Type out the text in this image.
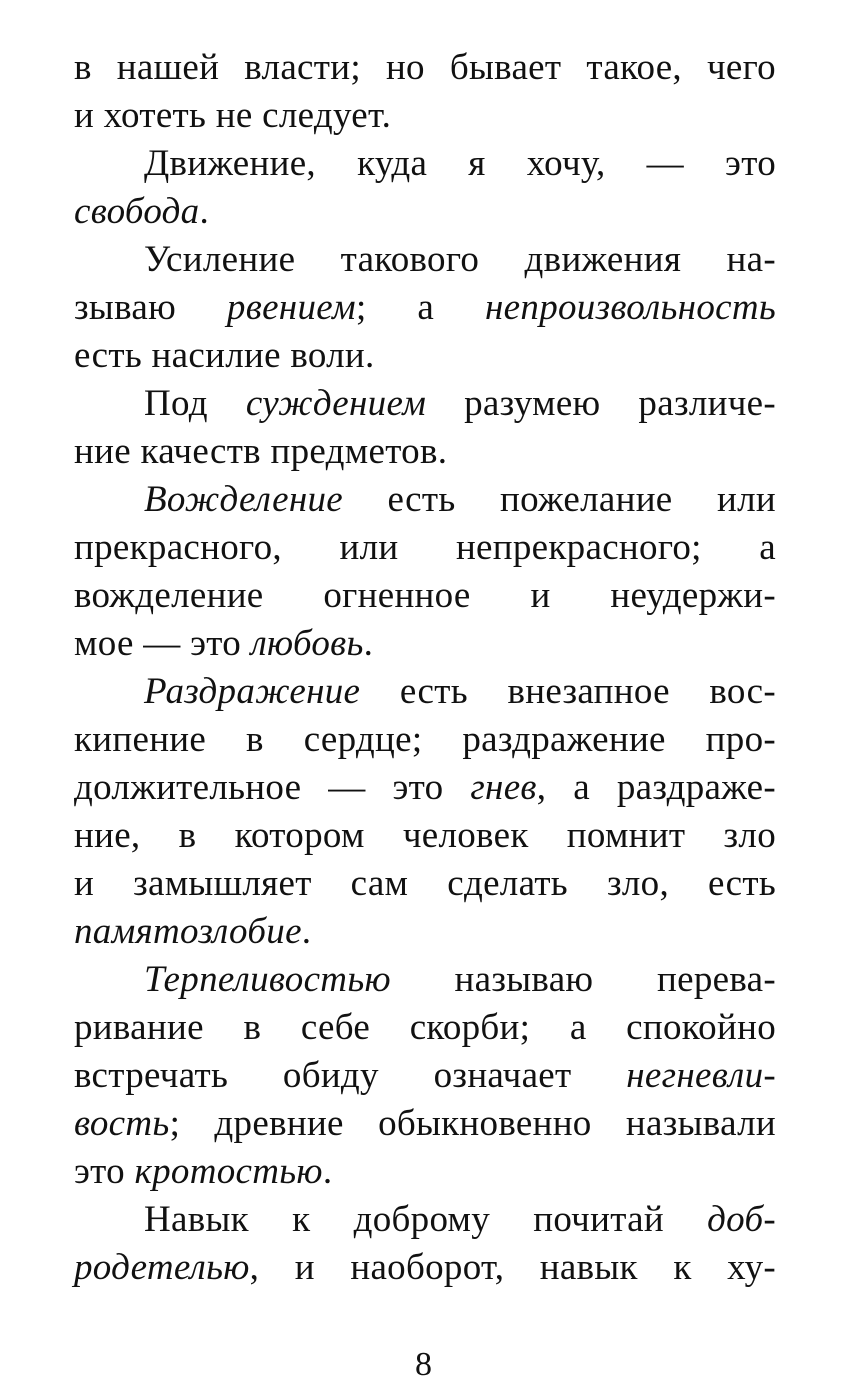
в нашей власти; но бывает такое, чего
и хотеть не следует.
Движение, куда я хочу, — это
свобода.
Усиление такового движения на-
зываю рвением; а непроизвольность
есть насилие воли.
Под суждением разумею различе-
ние качеств предметов.
Вожделение есть пожелание или
прекрасного, или непрекрасного; а
вожделение огненное и неудержи-
мое — это любовь.
Раздражение есть внезапное вос-
кипение в сердце; раздражение про-
должительное — это гнев, а раздраже-
ние, в котором человек помнит зло
и замышляет сам сделать зло, есть
памятозлобие.
Терпеливостью называю перева-
ривание в себе скорби; а спокойно
встречать обиду означает негневли-
вость; древние обыкновенно называли
это кротостью.
Навык к доброму почитай доб-
родетелью, и наоборот, навык к ху-
8
